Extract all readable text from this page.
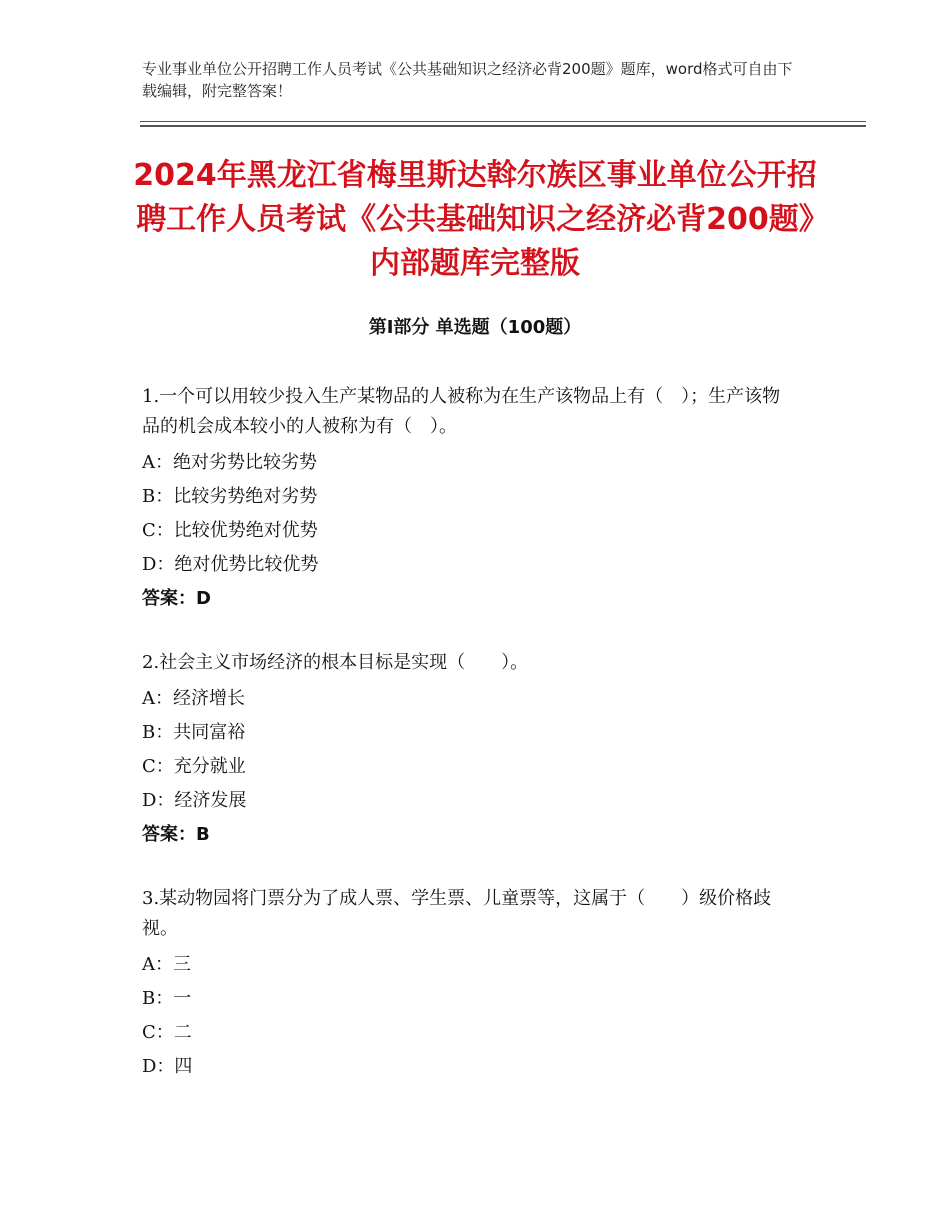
专业事业单位公开招聘工作人员考试《公共基础知识之经济必背200题》题库，word格式可自由下载编辑，附完整答案！
2024年黑龙江省梅里斯达斡尔族区事业单位公开招聘工作人员考试《公共基础知识之经济必背200题》内部题库完整版
第Ⅰ部分 单选题（100题）
1.一个可以用较少投入生产某物品的人被称为在生产该物品上有（　）；生产该物品的机会成本较小的人被称为有（　）。
A：绝对劣势比较劣势
B：比较劣势绝对劣势
C：比较优势绝对优势
D：绝对优势比较优势
答案：D
2.社会主义市场经济的根本目标是实现（　　）。
A：经济增长
B：共同富裕
C：充分就业
D：经济发展
答案：B
3.某动物园将门票分为了成人票、学生票、儿童票等，这属于（　　）级价格歧视。
A：三
B：一
C：二
D：四
